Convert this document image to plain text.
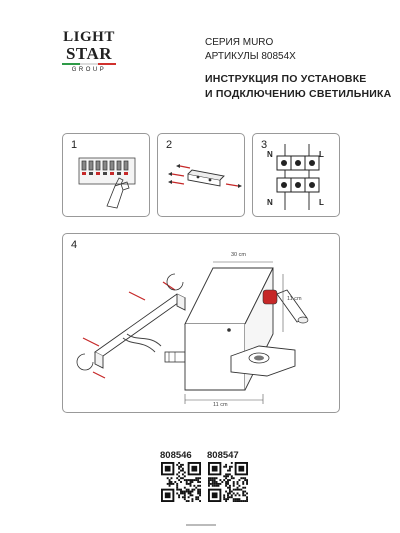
LIGHT
STAR
GROUP
СЕРИЯ MURO
АРТИКУЛЫ 80854X
ИНСТРУКЦИЯ ПО УСТАНОВКЕ
И ПОДКЛЮЧЕНИЮ СВЕТИЛЬНИКА
1	2	3
N	L
N	L
4
30 cm
11 cm
11 cm
808546 808547
